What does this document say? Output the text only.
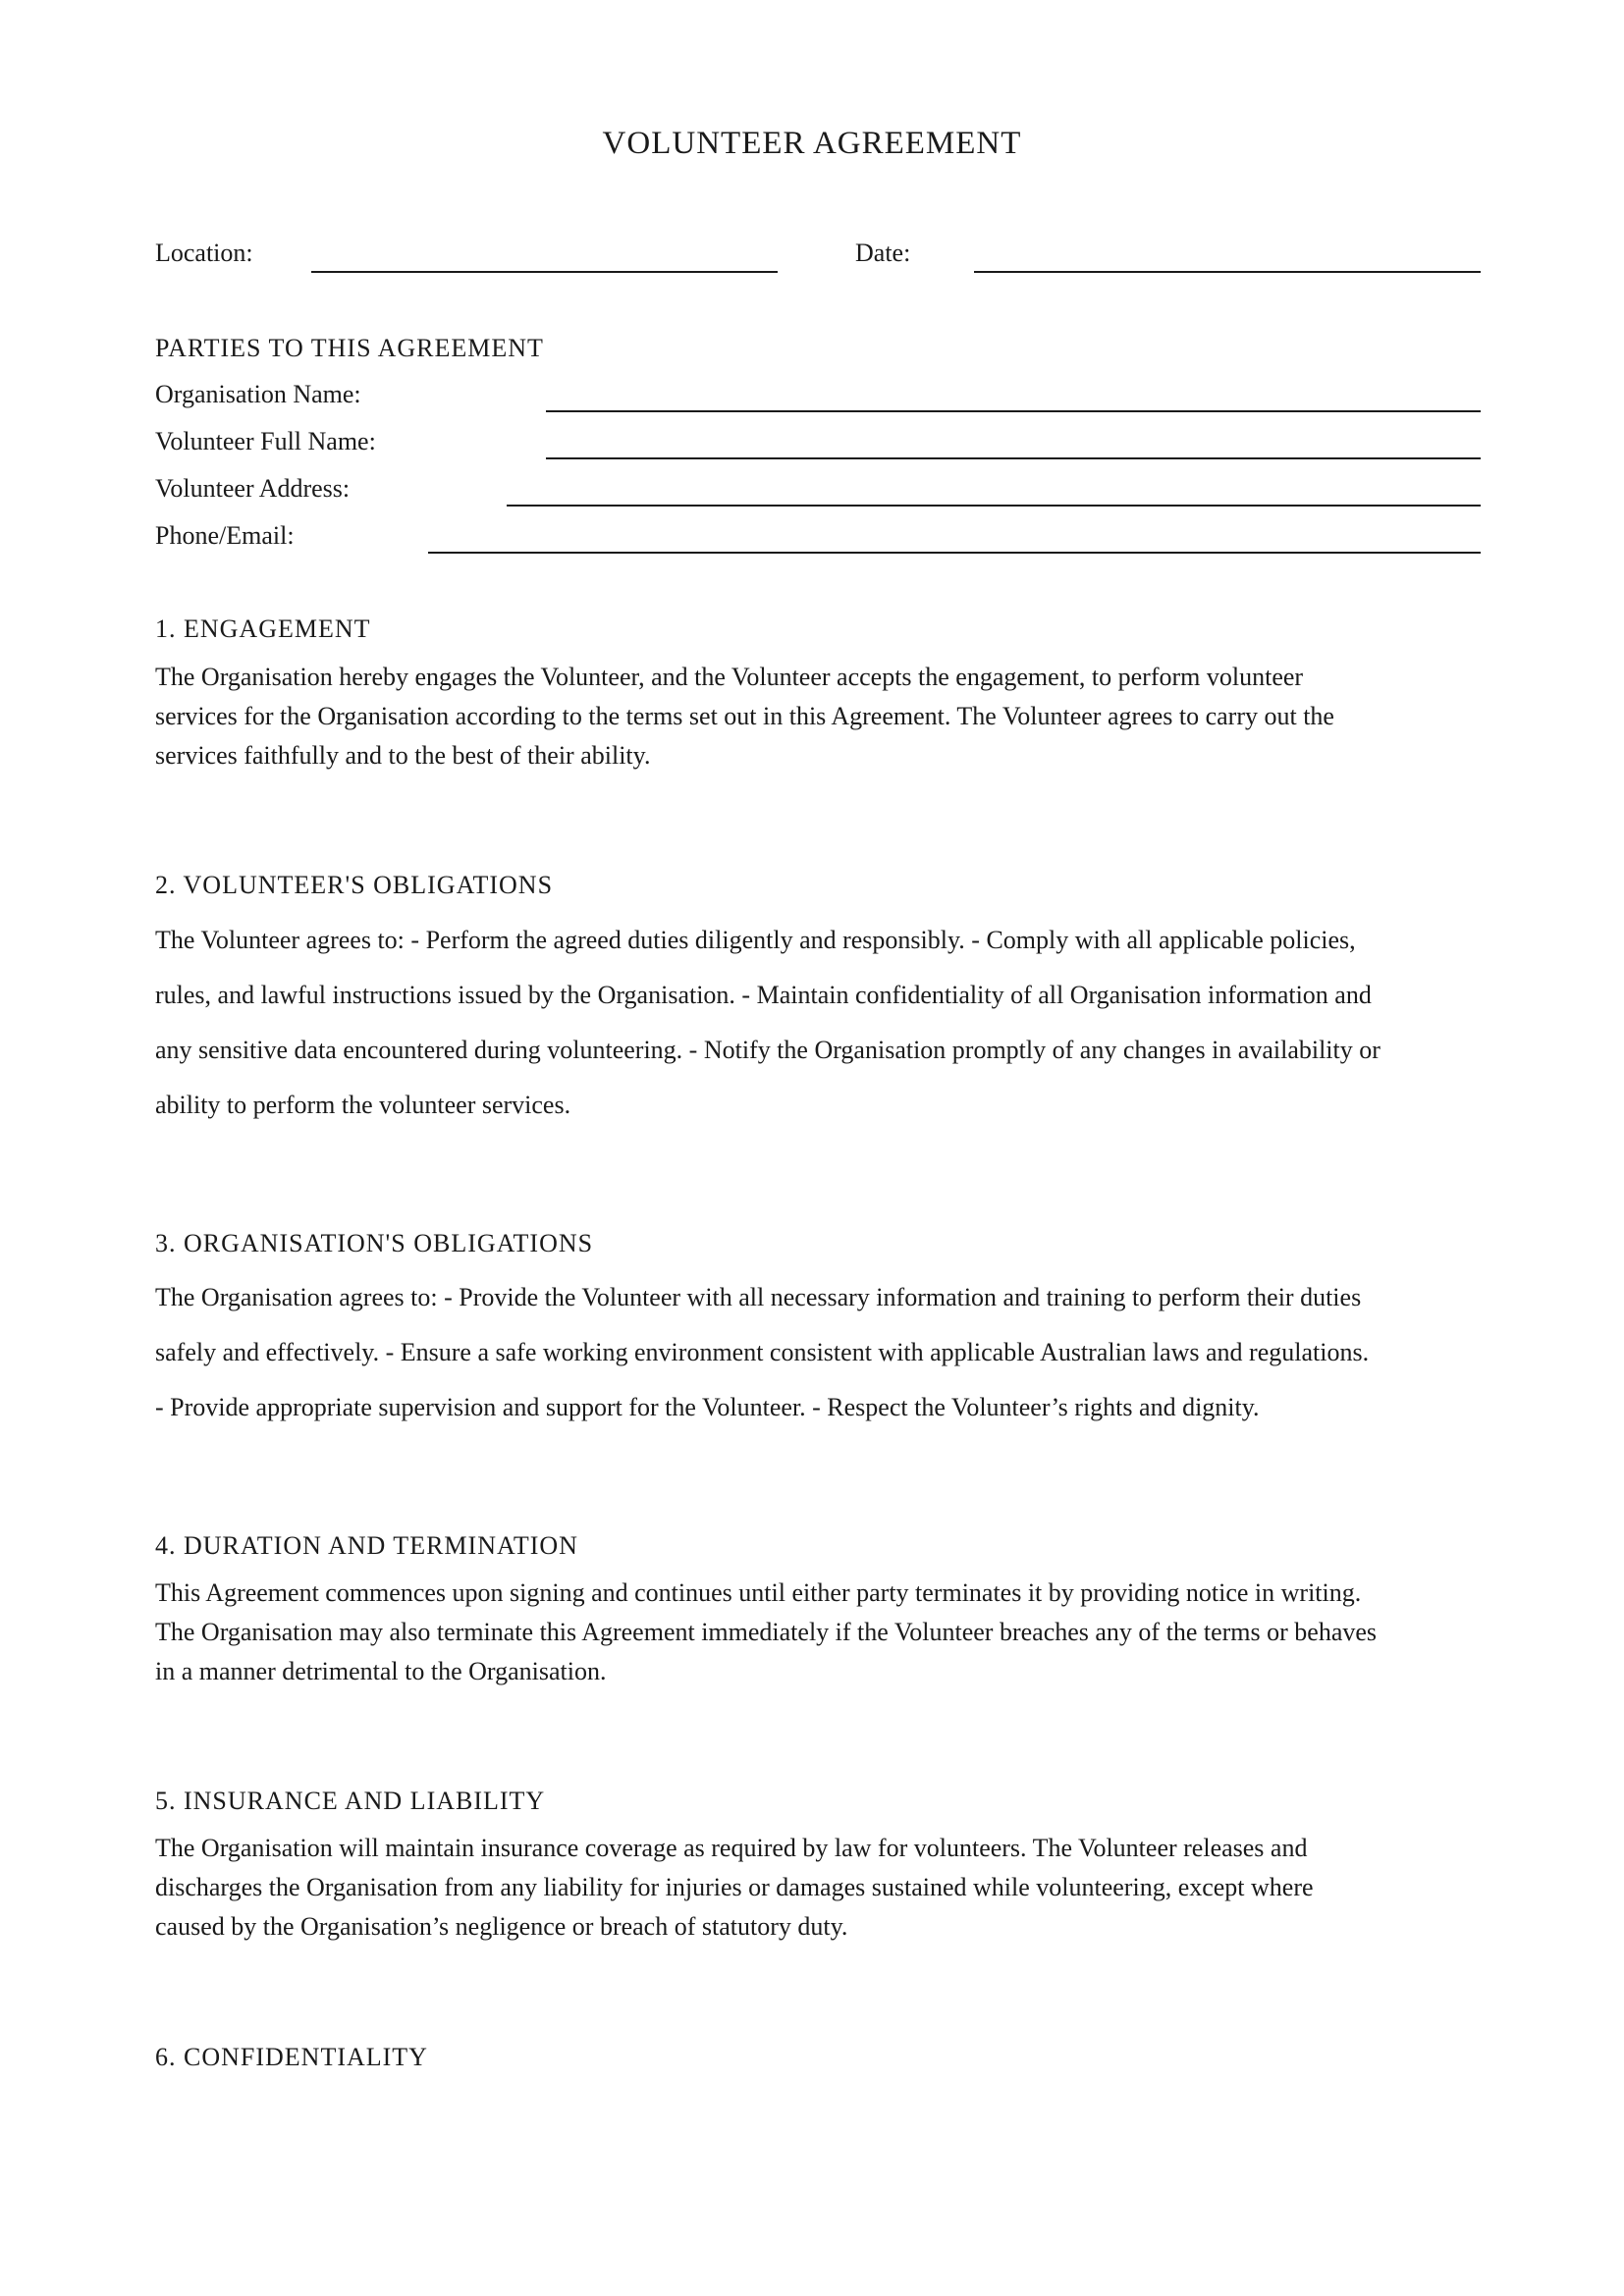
VOLUNTEER AGREEMENT
Location:	Date:
PARTIES TO THIS AGREEMENT
Organisation Name:
Volunteer Full Name:
Volunteer Address:
Phone/Email:
1. ENGAGEMENT
The Organisation hereby engages the Volunteer, and the Volunteer accepts the engagement, to perform volunteer
services for the Organisation according to the terms set out in this Agreement. The Volunteer agrees to carry out the
services faithfully and to the best of their ability.
2. VOLUNTEER'S OBLIGATIONS
The Volunteer agrees to: - Perform the agreed duties diligently and responsibly. - Comply with all applicable policies,
rules, and lawful instructions issued by the Organisation. - Maintain confidentiality of all Organisation information and
any sensitive data encountered during volunteering. - Notify the Organisation promptly of any changes in availability or
ability to perform the volunteer services.
3. ORGANISATION'S OBLIGATIONS
The Organisation agrees to: - Provide the Volunteer with all necessary information and training to perform their duties
safely and effectively. - Ensure a safe working environment consistent with applicable Australian laws and regulations.
- Provide appropriate supervision and support for the Volunteer. - Respect the Volunteer’s rights and dignity.
4. DURATION AND TERMINATION
This Agreement commences upon signing and continues until either party terminates it by providing notice in writing.
The Organisation may also terminate this Agreement immediately if the Volunteer breaches any of the terms or behaves
in a manner detrimental to the Organisation.
5. INSURANCE AND LIABILITY
The Organisation will maintain insurance coverage as required by law for volunteers. The Volunteer releases and
discharges the Organisation from any liability for injuries or damages sustained while volunteering, except where
caused by the Organisation’s negligence or breach of statutory duty.
6. CONFIDENTIALITY
